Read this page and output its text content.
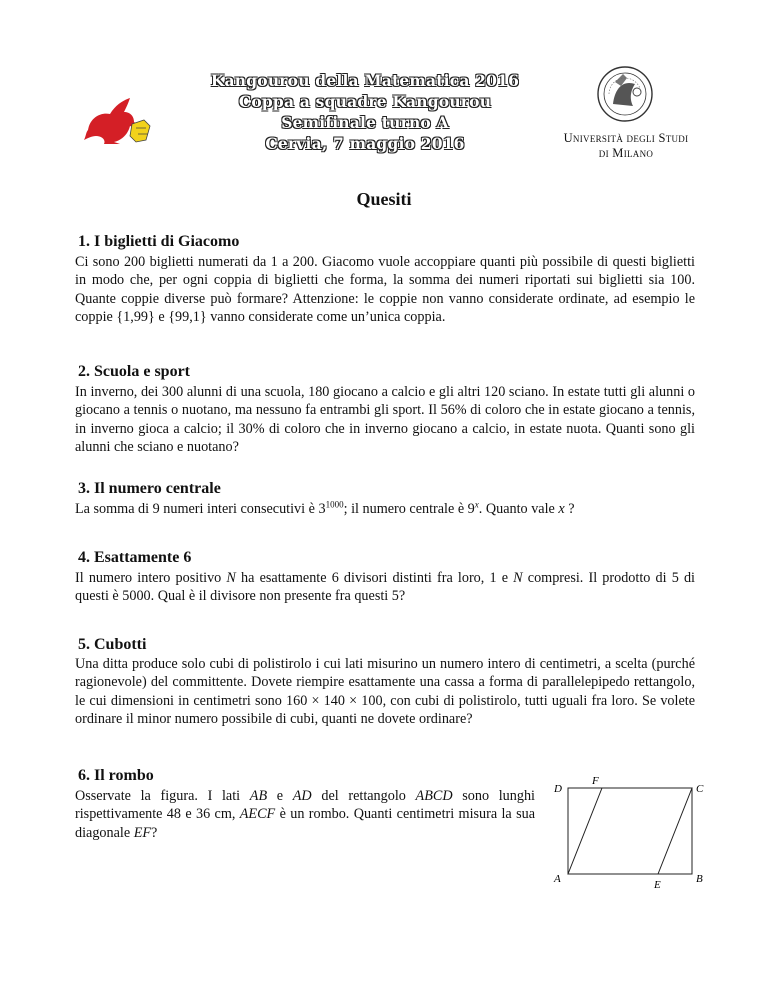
Kangourou della Matematica 2016
Coppa a squadre Kangourou
Semifinale turno A
Cervia, 7 maggio 2016	Università degli Studi
di Milano
Quesiti
1. I biglietti di Giacomo

Ci sono 200 biglietti numerati da 1 a 200. Giacomo vuole accoppiare quanti più possibile di questi biglietti in modo che, per ogni coppia di biglietti che forma, la somma dei numeri riportati sui biglietti sia 100. Quante coppie diverse può formare? Attenzione: le coppie non vanno considerate ordinate, ad esempio le coppie {1,99} e {99,1} vanno considerate come un’unica coppia.

2. Scuola e sport

In inverno, dei 300 alunni di una scuola, 180 giocano a calcio e gli altri 120 sciano. In estate tutti gli alunni o giocano a tennis o nuotano, ma nessuno fa entrambi gli sport. Il 56% di coloro che in estate giocano a tennis, in inverno gioca a calcio; il 30% di coloro che in inverno giocano a calcio, in estate nuota. Quanti sono gli alunni che sciano e nuotano?

3. Il numero centrale

La somma di 9 numeri interi consecutivi è $3^{1000}$; il numero centrale è 9$^x$. Quanto vale x ?

4. Esattamente 6

Il numero intero positivo N ha esattamente 6 divisori distinti fra loro, 1 e N compresi. Il prodotto di 5 di questi è 5000. Qual è il divisore non presente fra questi 5?

5. Cubotti

Una ditta produce solo cubi di polistirolo i cui lati misurino un numero intero di centimetri, a scelta (purché ragionevole) del committente. Dovete riempire esattamente una cassa a forma di parallelepipedo rettangolo, le cui dimensioni in centimetri sono 160 × 140 × 100, con cubi di polistirolo, tutti uguali fra loro. Se volete ordinare il minor numero possibile di cubi, quanti ne dovete ordinare?

6. Il rombo

Osservate la figura. I lati AB e AD del rettangolo ABCD sono lunghi rispettivamente 48 e 36 cm, AECF è un rombo. Quanti centimetri misura la sua diagonale EF?

D
F
C
A	E	B
